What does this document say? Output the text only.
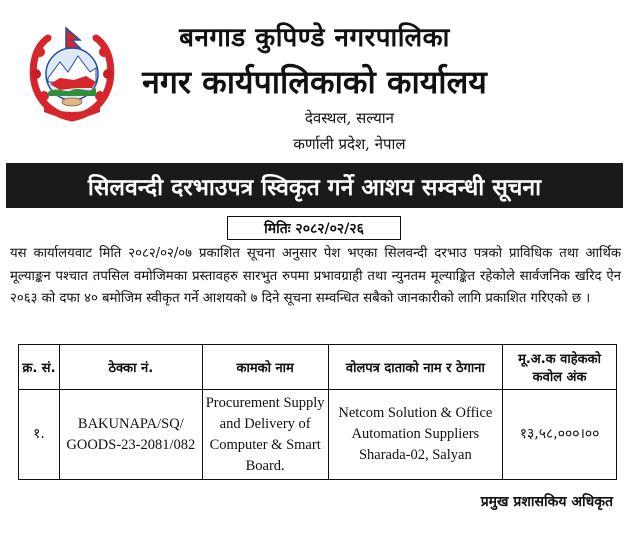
बनगाड कुपिण्डे नगरपालिका
नगर कार्यपालिकाको कार्यालय
देवस्थल, सल्यान
कर्णाली प्रदेश, नेपाल
सिलवन्दी दरभाउपत्र स्विकृत गर्ने आशय सम्वन्धी सूचना
मितिः २०८२/०२/२६

यस कार्यालयवाट मिति २०८२/०२/०७ प्रकाशित सूचना अनुसार पेश भएका सिलवन्दी दरभाउ पत्रको प्राविधिक तथा आर्थिक मूल्याङ्कन पश्चात तपसिल वमोजिमका प्रस्तावहरु सारभुत रुपमा प्रभावग्राही तथा न्युनतम मूल्याङ्कित रहेकोले सार्वजनिक खरिद ऐन २०६३ को दफा ४० बमोजिम स्वीकृत गर्ने आशयको ७ दिने सूचना सम्वन्धित सबैको जानकारीको लागि प्रकाशित गरिएको छ ।

क्र. सं.	ठेक्का नं.	कामको नाम	वोलपत्र दाताको नाम र ठेगाना	मू.अ.क वाहेकको कवोल अंक
१.	BAKUNAPA/SQ/ GOODS-23-2081/082	Procurement Supply and Delivery of Computer & Smart Board.	Netcom Solution & Office Automation Suppliers Sharada-02, Salyan	१३,५८,०००।००
प्रमुख प्रशासकिय अधिकृत
